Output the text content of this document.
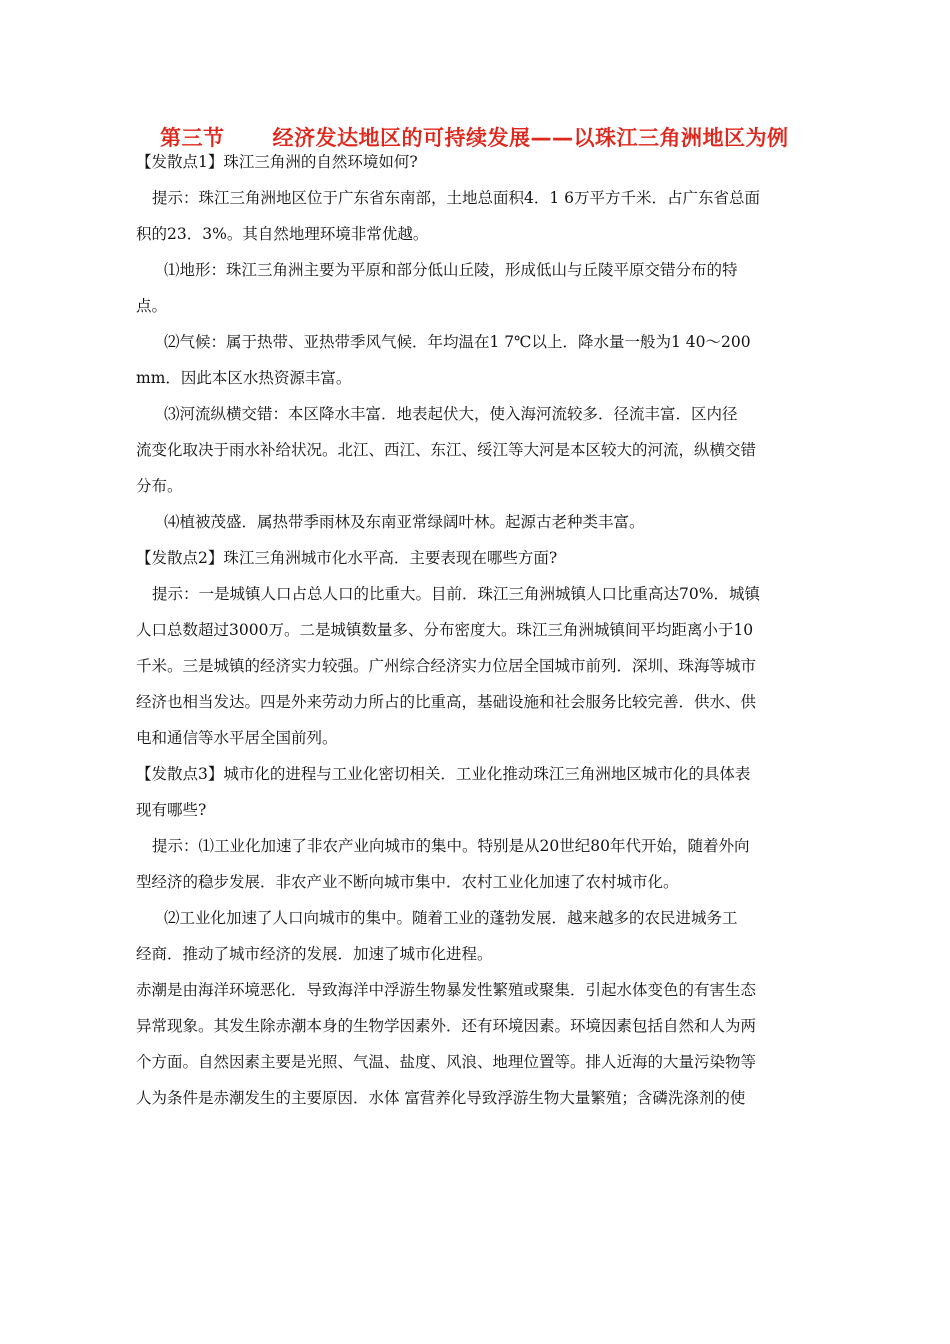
第三节 经济发达地区的可持续发展——以珠江三角洲地区为例
【发散点1】珠江三角洲的自然环境如何?
提示：珠江三角洲地区位于广东省东南部，土地总面积4．1 6万平方千米．占广东省总面
积的23．3%。其自然地理环境非常优越。
⑴地形：珠江三角洲主要为平原和部分低山丘陵，形成低山与丘陵平原交错分布的特
点。
⑵气候：属于热带、亚热带季风气候．年均温在1 7℃以上．降水量一般为1 40～200
mm．因此本区水热资源丰富。
⑶河流纵横交错：本区降水丰富．地表起伏大，使入海河流较多．径流丰富．区内径
流变化取决于雨水补给状况。北江、西江、东江、绥江等大河是本区较大的河流，纵横交错
分布。
⑷植被茂盛．属热带季雨林及东南亚常绿阔叶林。起源古老种类丰富。
【发散点2】珠江三角洲城市化水平高．主要表现在哪些方面?
提示：一是城镇人口占总人口的比重大。目前．珠江三角洲城镇人口比重高达70%．城镇
人口总数超过3000万。二是城镇数量多、分布密度大。珠江三角洲城镇间平均距离小于10
千米。三是城镇的经济实力较强。广州综合经济实力位居全国城市前列．深圳、珠海等城市
经济也相当发达。四是外来劳动力所占的比重高，基础设施和社会服务比较完善．供水、供
电和通信等水平居全国前列。
【发散点3】城市化的进程与工业化密切相关．工业化推动珠江三角洲地区城市化的具体表
现有哪些?
提示：⑴工业化加速了非农产业向城市的集中。特别是从20世纪80年代开始，随着外向
型经济的稳步发展．非农产业不断向城市集中．农村工业化加速了农村城市化。
⑵工业化加速了人口向城市的集中。随着工业的蓬勃发展．越来越多的农民进城务工
经商．推动了城市经济的发展．加速了城市化进程。
赤潮是由海洋环境恶化．导致海洋中浮游生物暴发性繁殖或聚集．引起水体变色的有害生态
异常现象。其发生除赤潮本身的生物学因素外．还有环境因素。环境因素包括自然和人为两
个方面。自然因素主要是光照、气温、盐度、风浪、地理位置等。排人近海的大量污染物等
人为条件是赤潮发生的主要原因．水体 富营养化导致浮游生物大量繁殖；含磷洗涤剂的使
